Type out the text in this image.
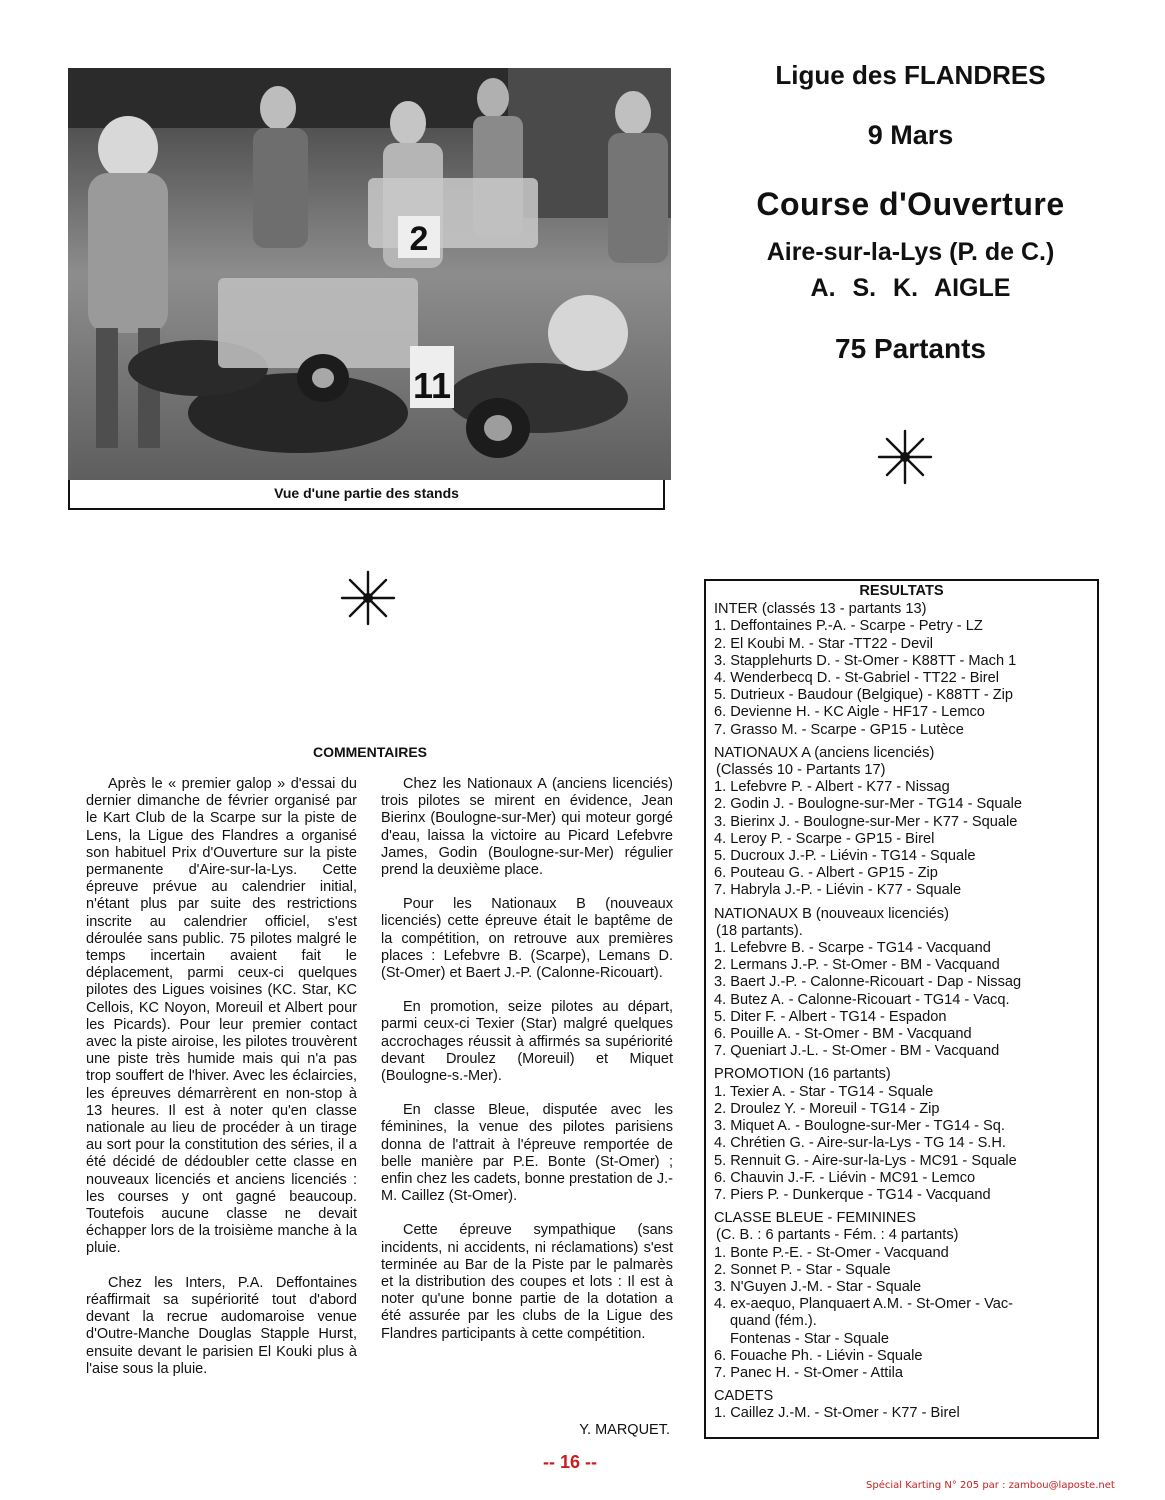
2
11
Vue d'une partie des stands
Ligue des FLANDRES
9 Mars
Course d'Ouverture
Aire-sur-la-Lys (P. de C.)
A. S. K. AIGLE
75 Partants
COMMENTAIRES

Après le « premier galop » d'essai du dernier dimanche de février organisé par le Kart Club de la Scarpe sur la piste de Lens, la Ligue des Flandres a organisé son habituel Prix d'Ouverture sur la piste permanente d'Aire-sur-la-Lys. Cette épreuve prévue au calendrier initial, n'étant plus par suite des restrictions inscrite au calendrier officiel, s'est déroulée sans public. 75 pilotes malgré le temps incertain avaient fait le déplacement, parmi ceux-ci quelques pilotes des Ligues voisines (KC. Star, KC Cellois, KC Noyon, Moreuil et Albert pour les Picards). Pour leur premier contact avec la piste airoise, les pilotes trouvèrent une piste très humide mais qui n'a pas trop souffert de l'hiver. Avec les éclaircies, les épreuves démarrèrent en non-stop à 13 heures. Il est à noter qu'en classe nationale au lieu de procéder à un tirage au sort pour la constitution des séries, il a été décidé de dédoubler cette classe en nouveaux licenciés et anciens licenciés : les courses y ont gagné beaucoup. Toutefois aucune classe ne devait échapper lors de la troisième manche à la pluie.

Chez les Inters, P.A. Deffontaines réaffirmait sa supériorité tout d'abord devant la recrue audomaroise venue d'Outre-Manche Douglas Stapple Hurst, ensuite devant le parisien El Kouki plus à l'aise sous la pluie.

Chez les Nationaux A (anciens licenciés) trois pilotes se mirent en évidence, Jean Bierinx (Boulogne-sur-Mer) qui moteur gorgé d'eau, laissa la victoire au Picard Lefebvre James, Godin (Boulogne-sur-Mer) régulier prend la deuxième place.

Pour les Nationaux B (nouveaux licenciés) cette épreuve était le baptême de la compétition, on retrouve aux premières places : Lefebvre B. (Scarpe), Lemans D. (St-Omer) et Baert J.-P. (Calonne-Ricouart).

En promotion, seize pilotes au départ, parmi ceux-ci Texier (Star) malgré quelques accrochages réussit à affirmés sa supériorité devant Droulez (Moreuil) et Miquet (Boulogne-s.-Mer).

En classe Bleue, disputée avec les féminines, la venue des pilotes parisiens donna de l'attrait à l'épreuve remportée de belle manière par P.E. Bonte (St-Omer) ; enfin chez les cadets, bonne prestation de J.-M. Caillez (St-Omer).

Cette épreuve sympathique (sans incidents, ni accidents, ni réclamations) s'est terminée au Bar de la Piste par le palmarès et la distribution des coupes et lots : Il est à noter qu'une bonne partie de la dotation a été assurée par les clubs de la Ligue des Flandres participants à cette compétition.

Y. MARQUET.
RESULTATS
INTER (classés 13 - partants 13)
1. Deffontaines P.-A. - Scarpe - Petry - LZ
2. El Koubi M. - Star -TT22 - Devil
3. Stapplehurts D. - St-Omer - K88TT - Mach 1
4. Wenderbecq D. - St-Gabriel - TT22 - Birel
5. Dutrieux - Baudour (Belgique) - K88TT - Zip
6. Devienne H. - KC Aigle - HF17 - Lemco
7. Grasso M. - Scarpe - GP15 - Lutèce
NATIONAUX A (anciens licenciés)
(Classés 10 - Partants 17)
1. Lefebvre P. - Albert - K77 - Nissag
2. Godin J. - Boulogne-sur-Mer - TG14 - Squale
3. Bierinx J. - Boulogne-sur-Mer - K77 - Squale
4. Leroy P. - Scarpe - GP15 - Birel
5. Ducroux J.-P. - Liévin - TG14 - Squale
6. Pouteau G. - Albert - GP15 - Zip
7. Habryla J.-P. - Liévin - K77 - Squale
NATIONAUX B (nouveaux licenciés)
(18 partants).
1. Lefebvre B. - Scarpe - TG14 - Vacquand
2. Lermans J.-P. - St-Omer - BM - Vacquand
3. Baert J.-P. - Calonne-Ricouart - Dap - Nissag
4. Butez A. - Calonne-Ricouart - TG14 - Vacq.
5. Diter F. - Albert - TG14 - Espadon
6. Pouille A. - St-Omer - BM - Vacquand
7. Queniart J.-L. - St-Omer - BM - Vacquand
PROMOTION (16 partants)
1. Texier A. - Star - TG14 - Squale
2. Droulez Y. - Moreuil - TG14 - Zip
3. Miquet A. - Boulogne-sur-Mer - TG14 - Sq.
4. Chrétien G. - Aire-sur-la-Lys - TG 14 - S.H.
5. Rennuit G. - Aire-sur-la-Lys - MC91 - Squale
6. Chauvin J.-F. - Liévin - MC91 - Lemco
7. Piers P. - Dunkerque - TG14 - Vacquand
CLASSE BLEUE - FEMININES
(C. B. : 6 partants - Fém. : 4 partants)
1. Bonte P.-E. - St-Omer - Vacquand
2. Sonnet P. - Star - Squale
3. N'Guyen J.-M. - Star - Squale
4. ex-aequo, Planquaert A.M. - St-Omer - Vac-
quand (fém.).
Fontenas - Star - Squale
6. Fouache Ph. - Liévin - Squale
7. Panec H. - St-Omer - Attila
CADETS
1. Caillez J.-M. - St-Omer - K77 - Birel
-- 16 --
Spécial Karting N° 205 par : zambou@laposte.net
